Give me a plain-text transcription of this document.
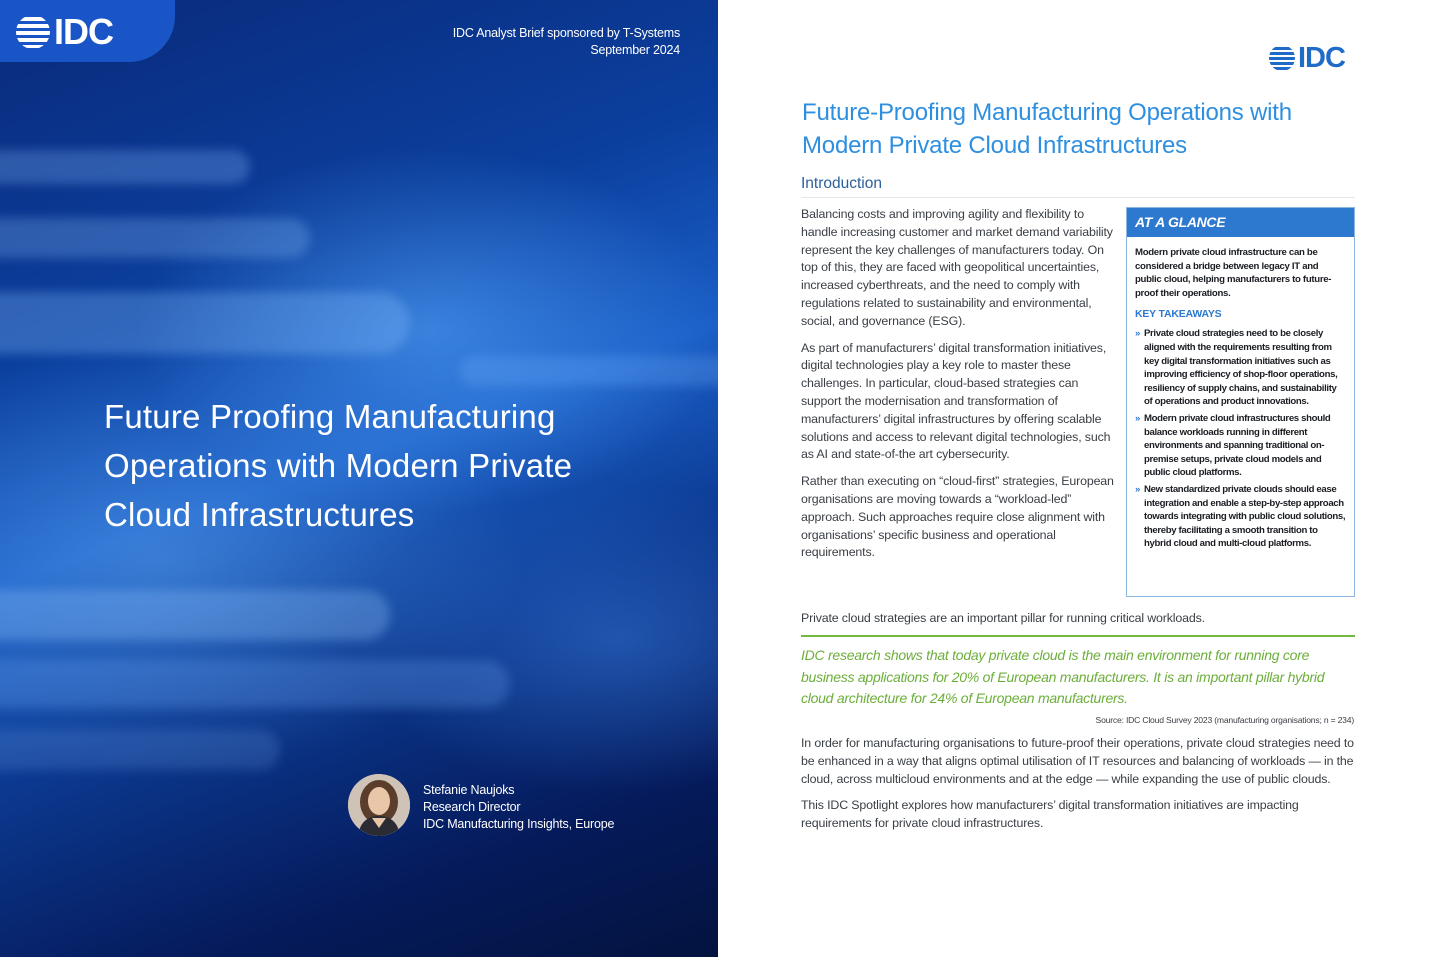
IDC	IDC Analyst Brief sponsored by T-Systems
September 2024
Future Proofing Manufacturing
Operations with Modern Private
Cloud Infrastructures
Stefanie Naujoks
Research Director
IDC Manufacturing Insights, Europe
IDC
Future-Proofing Manufacturing Operations with
Modern Private Cloud Infrastructures
Introduction

Balancing costs and improving agility and flexibility to handle increasing customer and market demand variability represent the key challenges of manufacturers today. On top of this, they are faced with geopolitical uncertainties, increased cyberthreats, and the need to comply with regulations related to sustainability and environmental, social, and governance (ESG).

As part of manufacturers’ digital transformation initiatives, digital technologies play a key role to master these challenges. In particular, cloud-based strategies can support the modernisation and transformation of manufacturers’ digital infrastructures by offering scalable solutions and access to relevant digital technologies, such as AI and state-of-the art cybersecurity.

Rather than executing on “cloud-first” strategies, European organisations are moving towards a “workload-led” approach. Such approaches require close alignment with organisations’ specific business and operational requirements.

AT A GLANCE
Modern private cloud infrastructure can be considered a bridge between legacy IT and public cloud, helping manufacturers to future-proof their operations.
KEY TAKEAWAYS
» Private cloud strategies need to be closely aligned with the requirements resulting from key digital transformation initiatives such as improving efficiency of shop-floor operations, resiliency of supply chains, and sustainability of operations and product innovations.
» Modern private cloud infrastructures should balance workloads running in different environments and spanning traditional on-premise setups, private cloud models and public cloud platforms.
» New standardized private clouds should ease integration and enable a step-by-step approach towards integrating with public cloud solutions, thereby facilitating a smooth transition to hybrid cloud and multi-cloud platforms.
Private cloud strategies are an important pillar for running critical workloads.
IDC research shows that today private cloud is the main environment for running core business applications for 20% of European manufacturers. It is an important pillar hybrid cloud architecture for 24% of European manufacturers.
Source: IDC Cloud Survey 2023 (manufacturing organisations; n = 234)

In order for manufacturing organisations to future-proof their operations, private cloud strategies need to be enhanced in a way that aligns optimal utilisation of IT resources and balancing of workloads — in the cloud, across multicloud environments and at the edge — while expanding the use of public clouds.

This IDC Spotlight explores how manufacturers’ digital transformation initiatives are impacting requirements for private cloud infrastructures.
